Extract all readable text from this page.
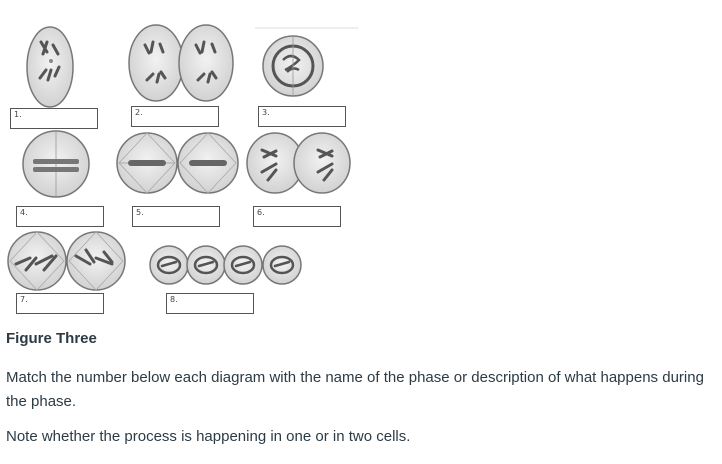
1.	2.	3.
4.	5.	6.
7.	8.
Figure Three

Match the number below each diagram with the name of the phase or description of what happens during the phase.

Note whether the process is happening in one or in two cells.
